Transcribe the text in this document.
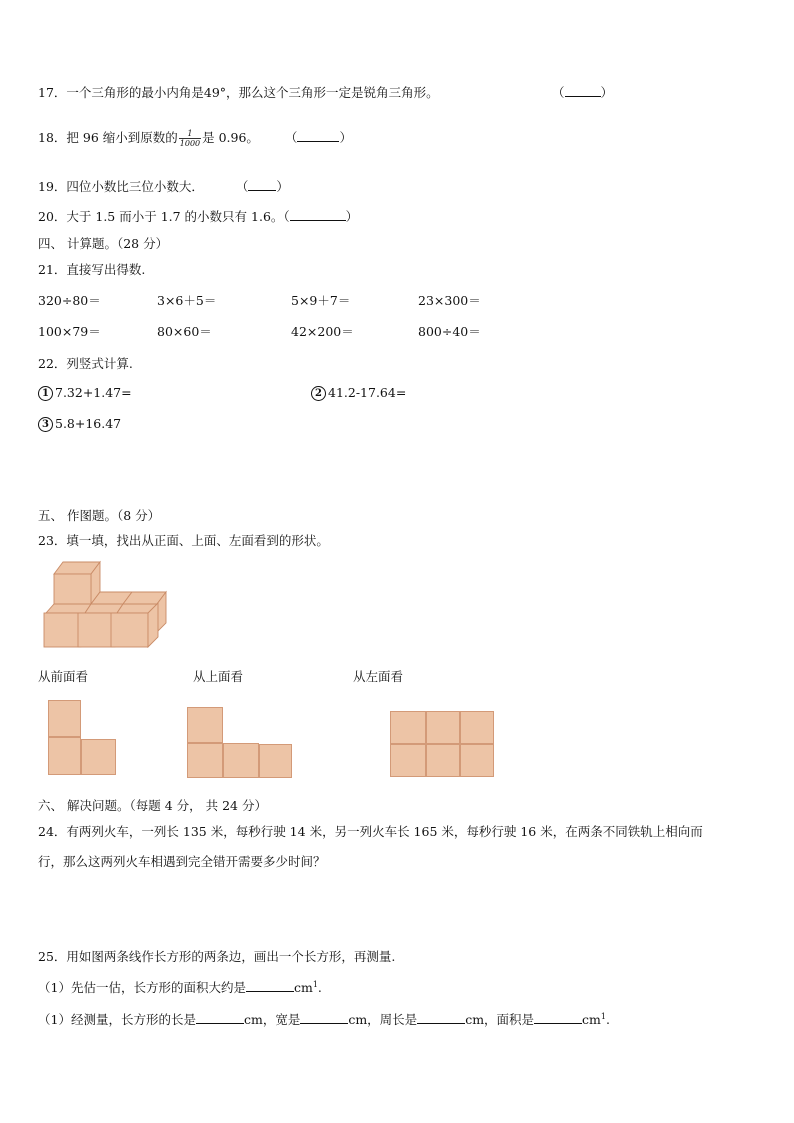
17．一个三角形的最小内角是49°，那么这个三角形一定是锐角三角形。	（	）
18．把 96 缩小到原数的 $\frac{1}{1000}$ 是 0.96。 （	）
19．四位小数比三位小数大．	（ ）
20．大于 1.5 而小于 1.7 的小数只有 1.6。（	）
四、 计算题。（28 分）
21．直接写出得数.
320÷80＝	3×6＋5＝	5×9＋7＝	23×300＝
100×79＝	80×60＝	42×200＝	800÷40＝
22．列竖式计算.
1 7.32+1.47=	2 41.2-17.64=
3 5.8+16.47
五、 作图题。（8 分）
23．填一填，找出从正面、上面、左面看到的形状。
从前面看	从上面看	从左面看
六、 解决问题。（每题 4 分， 共 24 分）
24．有两列火车，一列长 135 米，每秒行驶 14 米，另一列火车长 165 米，每秒行驶 16 米，在两条不同铁轨上相向而
行，那么这两列火车相遇到完全错开需要多少时间？
25．用如图两条线作长方形的两条边，画出一个长方形，再测量.
（1）先估一估，长方形的面积大约是	$cm^1$.
（1）经测量，长方形的长是	cm，宽是	cm，周长是	cm，面积是	$cm^1$.
